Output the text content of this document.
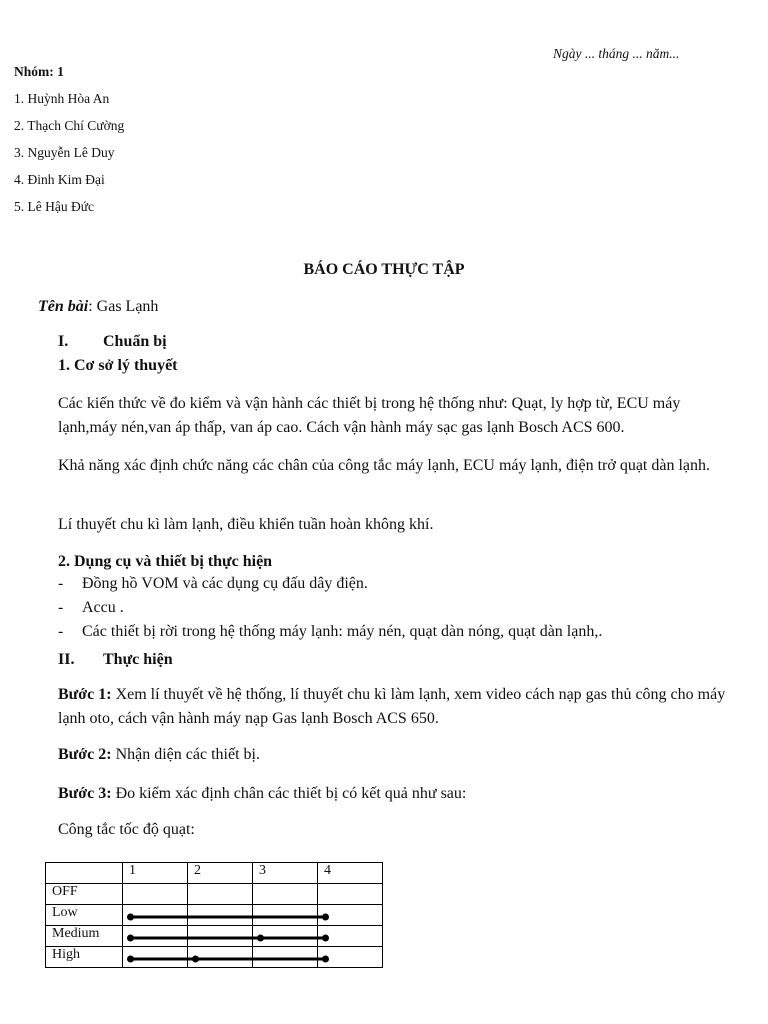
Ngày ... tháng ... năm...
Nhóm: 1
1. Huỳnh Hòa An
2. Thạch Chí Cường
3. Nguyễn Lê Duy
4. Đinh Kim Đại
5. Lê Hậu Đức
BÁO CÁO THỰC TẬP
Tên bài: Gas Lạnh
I. Chuẩn bị
1. Cơ sở lý thuyết
Các kiến thức về đo kiểm và vận hành các thiết bị trong hệ thống như: Quạt, ly hợp từ, ECU máy lạnh,máy nén,van áp thấp, van áp cao. Cách vận hành máy sạc gas lạnh Bosch ACS 600.
Khả năng xác định chức năng các chân của công tắc máy lạnh, ECU máy lạnh, điện trở quạt dàn lạnh.
Lí thuyết chu kì làm lạnh, điều khiển tuần hoàn không khí.
2. Dụng cụ và thiết bị thực hiện
- Đồng hồ VOM và các dụng cụ đấu dây điện.
- Accu .
- Các thiết bị rời trong hệ thống máy lạnh: máy nén, quạt dàn nóng, quạt dàn lạnh,.
II. Thực hiện
Bước 1: Xem lí thuyết về hệ thống, lí thuyết chu kì làm lạnh, xem video cách nạp gas thủ công cho máy lạnh oto, cách vận hành máy nạp Gas lạnh Bosch ACS 650.
Bước 2: Nhận diện các thiết bị.
Bước 3: Đo kiểm xác định chân các thiết bị có kết quả như sau:
Công tắc tốc độ quạt:
	1	2	3	4
OFF				
Low				
Medium				
High				
